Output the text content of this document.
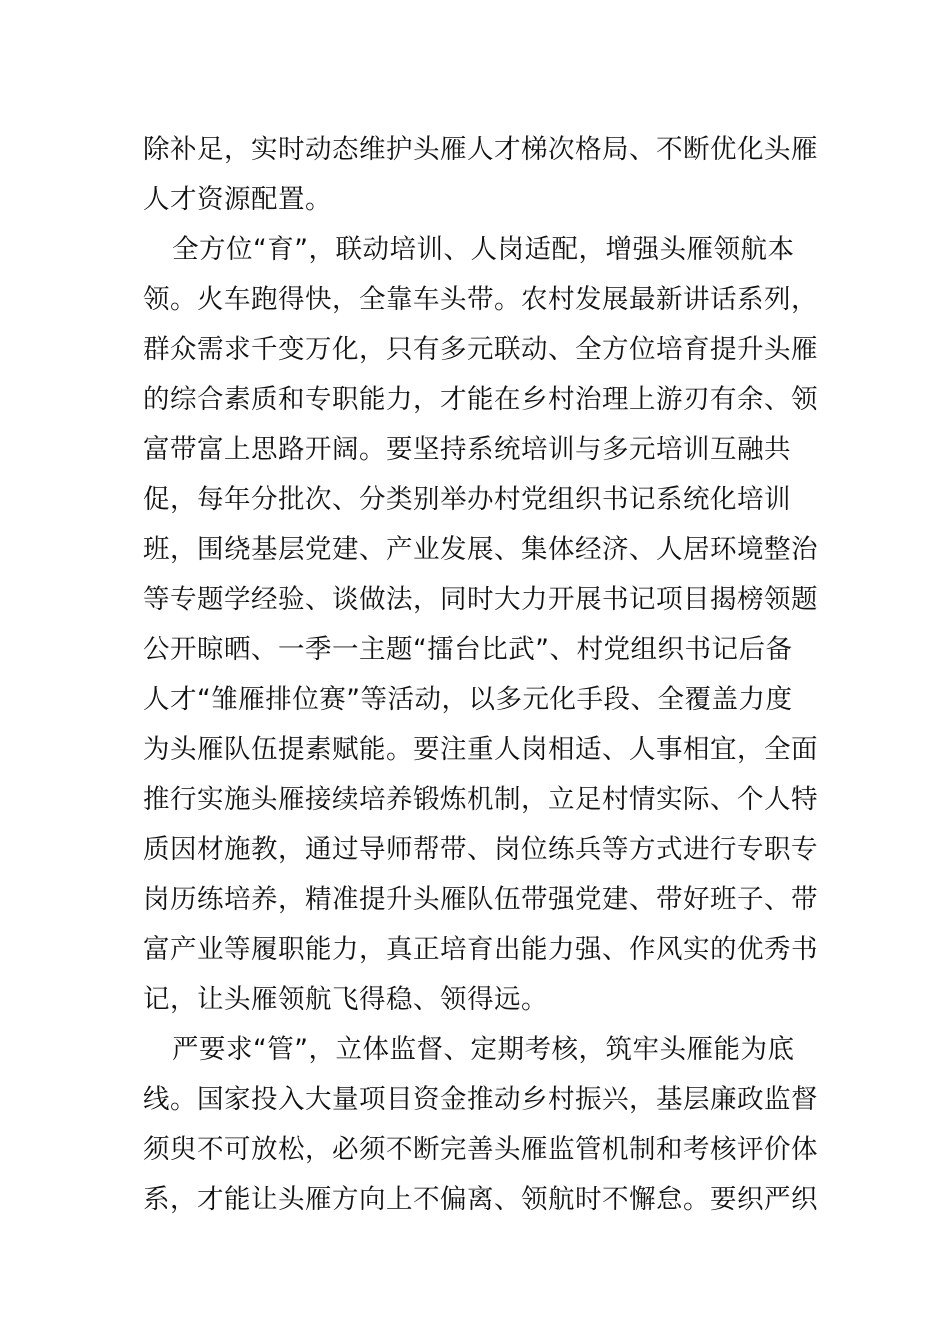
除补足，实时动态维护头雁人才梯次格局、不断优化头雁
人才资源配置。
全方位“育”，联动培训、人岗适配，增强头雁领航本
领。火车跑得快，全靠车头带。农村发展最新讲话系列，
群众需求千变万化，只有多元联动、全方位培育提升头雁
的综合素质和专职能力，才能在乡村治理上游刃有余、领
富带富上思路开阔。要坚持系统培训与多元培训互融共
促，每年分批次、分类别举办村党组织书记系统化培训
班，围绕基层党建、产业发展、集体经济、人居环境整治
等专题学经验、谈做法，同时大力开展书记项目揭榜领题
公开晾晒、一季一主题“擂台比武”、村党组织书记后备
人才“雏雁排位赛”等活动，以多元化手段、全覆盖力度
为头雁队伍提素赋能。要注重人岗相适、人事相宜，全面
推行实施头雁接续培养锻炼机制，立足村情实际、个人特
质因材施教，通过导师帮带、岗位练兵等方式进行专职专
岗历练培养，精准提升头雁队伍带强党建、带好班子、带
富产业等履职能力，真正培育出能力强、作风实的优秀书
记，让头雁领航飞得稳、领得远。
严要求“管”，立体监督、定期考核，筑牢头雁能为底
线。国家投入大量项目资金推动乡村振兴，基层廉政监督
须臾不可放松，必须不断完善头雁监管机制和考核评价体
系，才能让头雁方向上不偏离、领航时不懈怠。要织严织
